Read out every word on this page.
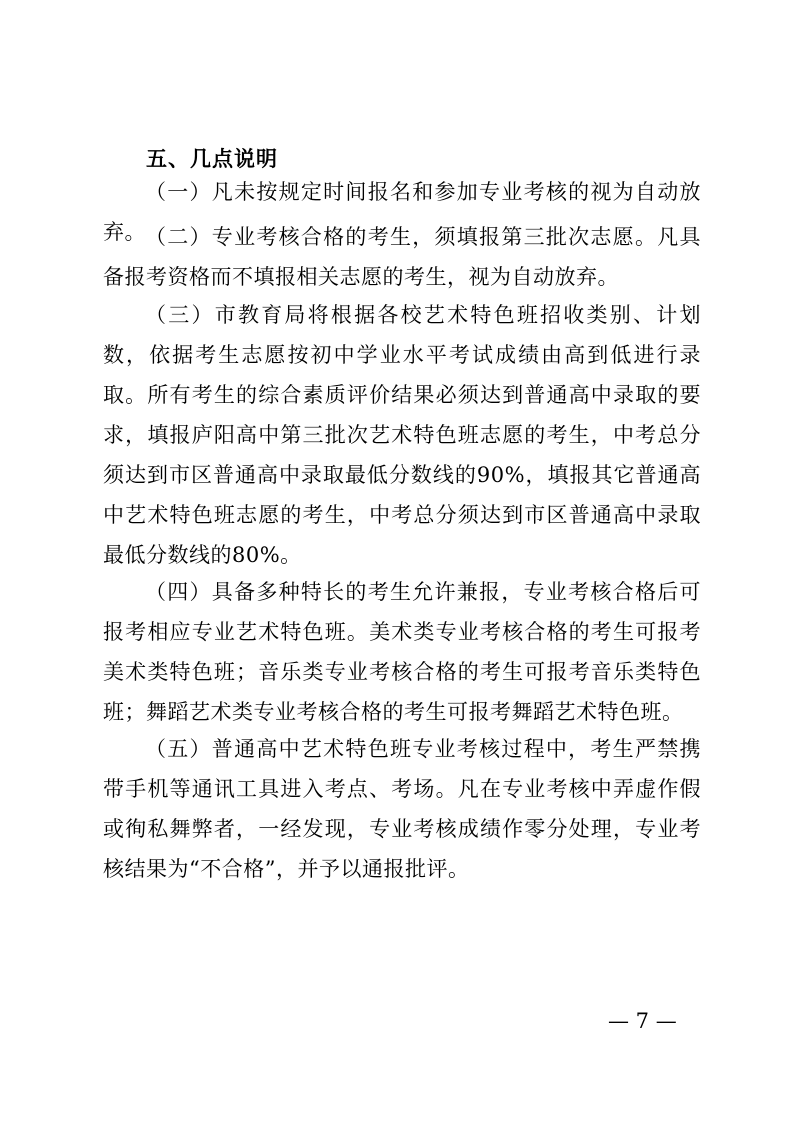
五、几点说明

（一）凡未按规定时间报名和参加专业考核的视为自动放弃。 （二）专业考核合格的考生，须填报第三批次志愿。凡具备报考资格而不填报相关志愿的考生，视为自动放弃。

（三）市教育局将根据各校艺术特色班招收类别、计划数，依据考生志愿按初中学业水平考试成绩由高到低进行录取。所有考生的综合素质评价结果必须达到普通高中录取的要求，填报庐阳高中第三批次艺术特色班志愿的考生，中考总分须达到市区普通高中录取最低分数线的90%，填报其它普通高中艺术特色班志愿的考生，中考总分须达到市区普通高中录取最低分数线的80%。

（四）具备多种特长的考生允许兼报，专业考核合格后可报考相应专业艺术特色班。美术类专业考核合格的考生可报考美术类特色班；音乐类专业考核合格的考生可报考音乐类特色班；舞蹈艺术类专业考核合格的考生可报考舞蹈艺术特色班。

（五）普通高中艺术特色班专业考核过程中，考生严禁携带手机等通讯工具进入考点、考场。凡在专业考核中弄虚作假或徇私舞弊者，一经发现，专业考核成绩作零分处理，专业考核结果为“不合格”，并予以通报批评。

— 7 —
